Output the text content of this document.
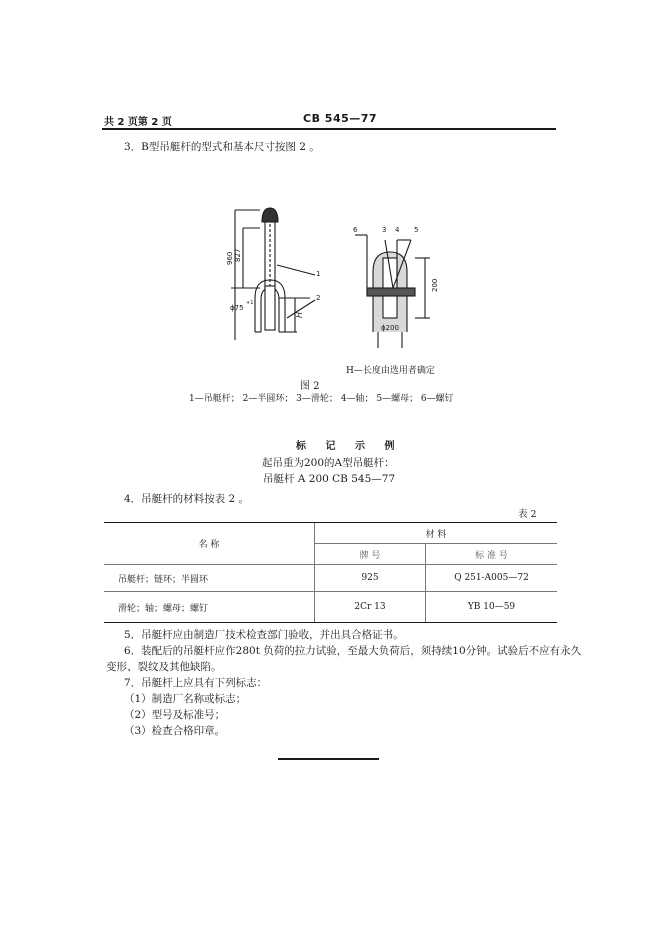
共 2 页第 2 页	CB 545—77
3．B型吊艇杆的型式和基本尺寸按图 2 。
960 827
ϕ75
+1
H
1
2
6	3 4 5
200
ϕ200
H—长度由选用者确定
图 2
1—吊艇杆； 2—半圆环； 3—滑轮； 4—轴； 5—螺母； 6—螺钉
标 记 示 例
起吊重为200的A型吊艇杆：
吊艇杆 A 200 CB 545—77
4．吊艇杆的材料按表 2 。
表 2
名 称	材 料	
	牌 号	标 准 号
吊艇杆；链环；半圆环	925	Q 251-A005—72
滑轮；轴；螺母；螺钉	2Cr 13	YB 10—59
5．吊艇杆应由制造厂技术检查部门验收，并出具合格证书。
6．装配后的吊艇杆应作280t 负荷的拉力试验，至最大负荷后，须持续10分钟。试验后不应有永久
变形、裂纹及其他缺陷。
7．吊艇杆上应具有下列标志：
（1）制造厂名称或标志；
（2）型号及标准号；
（3）检查合格印章。
